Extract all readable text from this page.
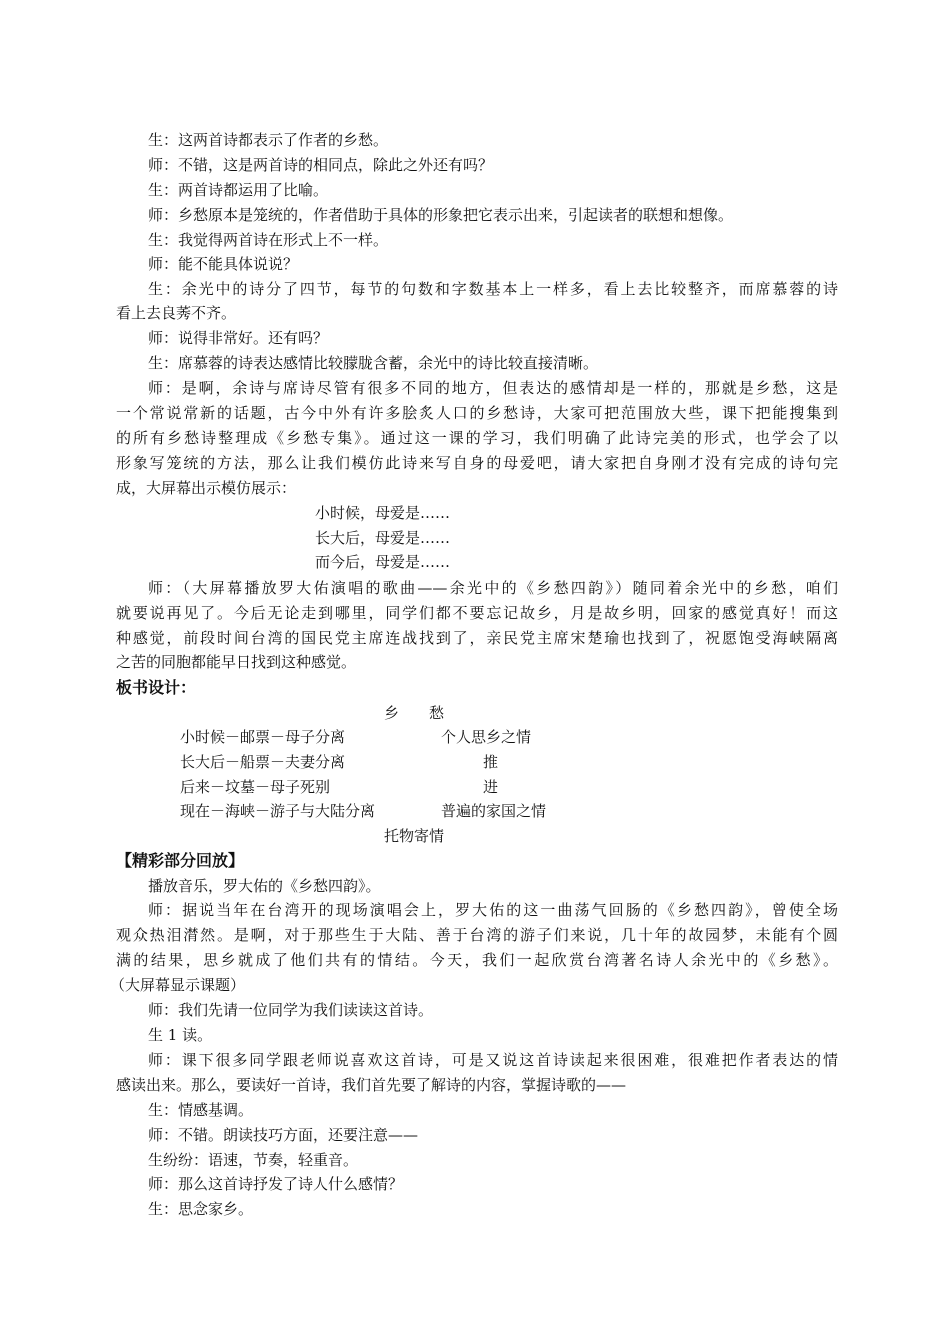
生：这两首诗都表示了作者的乡愁。
师：不错，这是两首诗的相同点，除此之外还有吗？
生：两首诗都运用了比喻。
师：乡愁原本是笼统的，作者借助于具体的形象把它表示出来，引起读者的联想和想像。
生：我觉得两首诗在形式上不一样。
师：能不能具体说说？
生：余光中的诗分了四节，每节的句数和字数基本上一样多，看上去比较整齐，而席慕蓉的诗
看上去良莠不齐。
师：说得非常好。还有吗？
生：席慕蓉的诗表达感情比较朦胧含蓄，余光中的诗比较直接清晰。
师：是啊，余诗与席诗尽管有很多不同的地方，但表达的感情却是一样的，那就是乡愁，这是
一个常说常新的话题，古今中外有许多脍炙人口的乡愁诗，大家可把范围放大些，课下把能搜集到
的所有乡愁诗整理成《乡愁专集》。通过这一课的学习，我们明确了此诗完美的形式，也学会了以
形象写笼统的方法，那么让我们模仿此诗来写自身的母爱吧，请大家把自身刚才没有完成的诗句完
成，大屏幕出示模仿展示：
小时候，母爱是……
长大后，母爱是……
而今后，母爱是……
师：（大屏幕播放罗大佑演唱的歌曲——余光中的《乡愁四韵》）随同着余光中的乡愁，咱们
就要说再见了。今后无论走到哪里，同学们都不要忘记故乡，月是故乡明，回家的感觉真好！而这
种感觉，前段时间台湾的国民党主席连战找到了，亲民党主席宋楚瑜也找到了，祝愿饱受海峡隔离
之苦的同胞都能早日找到这种感觉。
板书设计：
乡　　愁
小时候－邮票－母子分离
长大后－船票－夫妻分离
后来－坟墓－母子死别
现在－海峡－游子与大陆分离
个人思乡之情
推
进
普遍的家国之情
托物寄情
【精彩部分回放】
播放音乐，罗大佑的《乡愁四韵》。
师：据说当年在台湾开的现场演唱会上，罗大佑的这一曲荡气回肠的《乡愁四韵》，曾使全场
观众热泪潸然。是啊，对于那些生于大陆、善于台湾的游子们来说，几十年的故园梦，未能有个圆
满的结果，思乡就成了他们共有的情结。今天，我们一起欣赏台湾著名诗人余光中的《乡愁》。
（大屏幕显示课题）
师：我们先请一位同学为我们读读这首诗。
生 1 读。
师：课下很多同学跟老师说喜欢这首诗，可是又说这首诗读起来很困难，很难把作者表达的情
感读出来。那么，要读好一首诗，我们首先要了解诗的内容，掌握诗歌的——
生：情感基调。
师：不错。朗读技巧方面，还要注意——
生纷纷：语速，节奏，轻重音。
师：那么这首诗抒发了诗人什么感情？
生：思念家乡。
